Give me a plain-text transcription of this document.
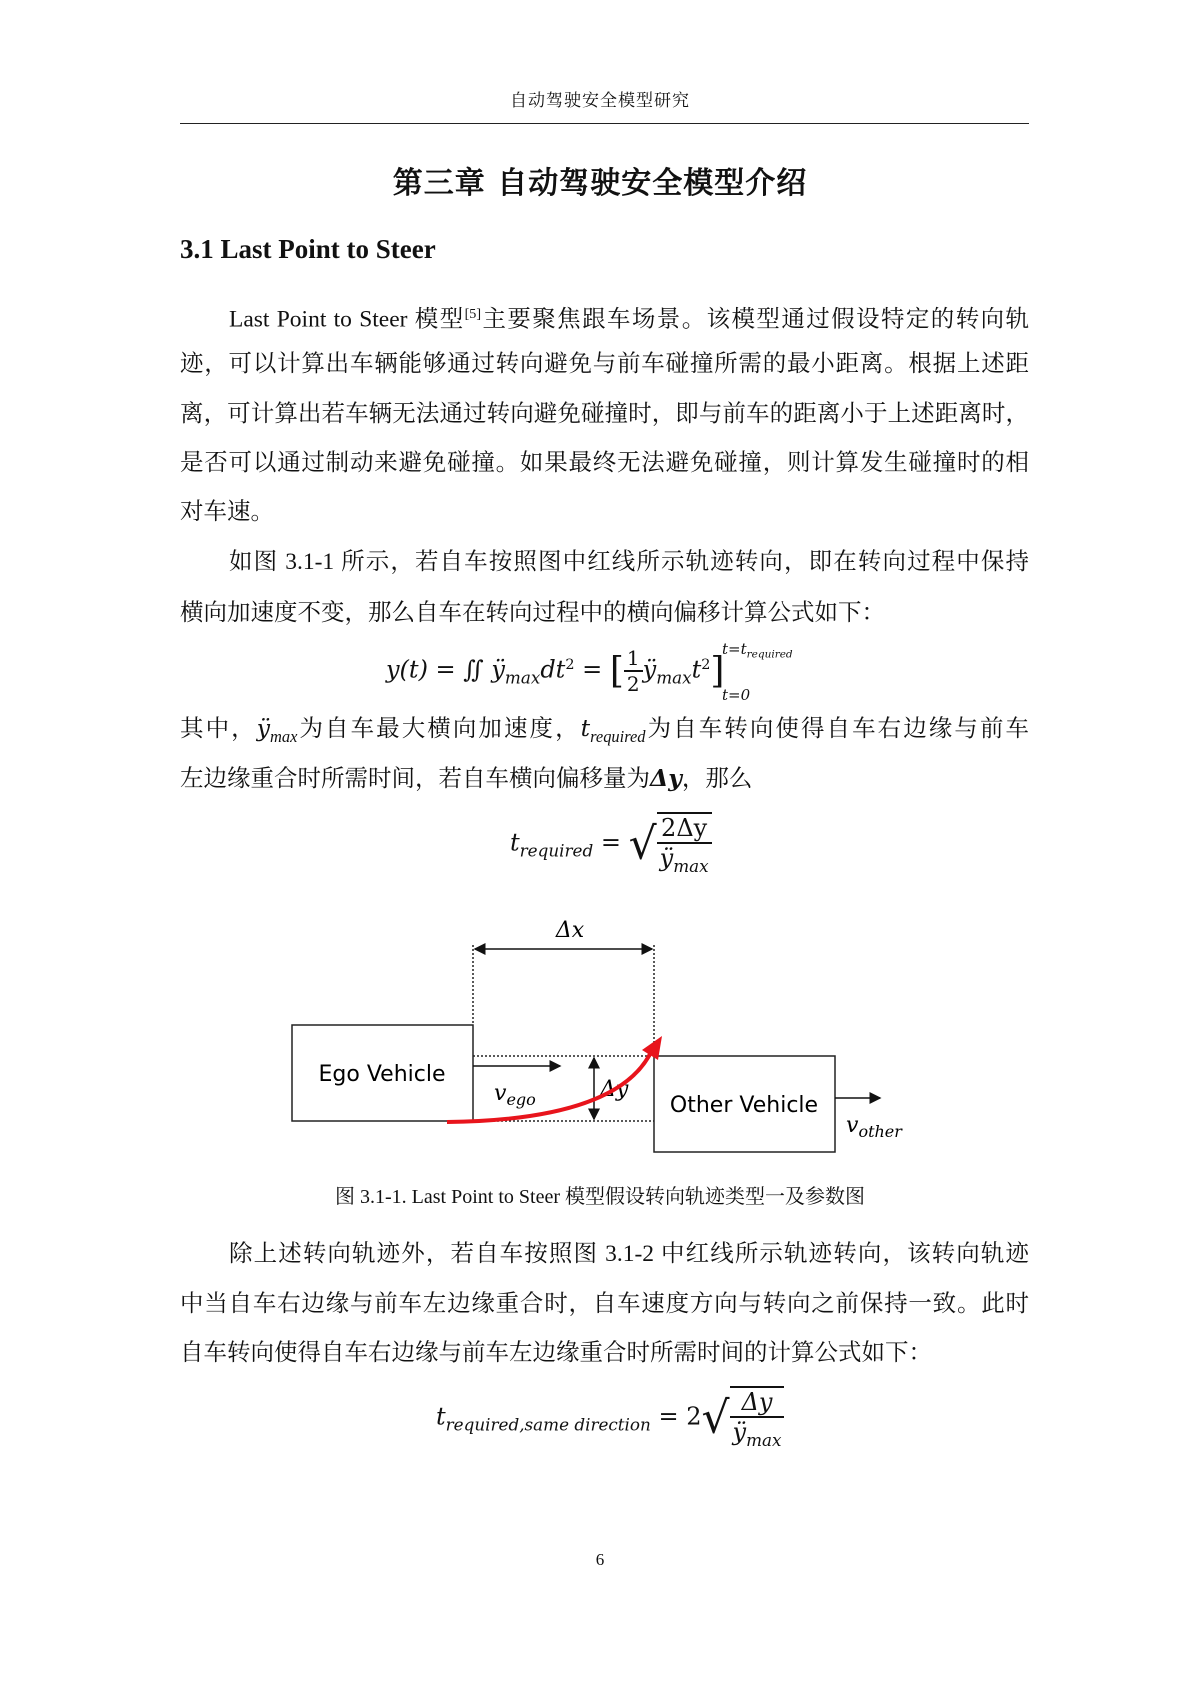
自动驾驶安全模型研究
第三章 自动驾驶安全模型介绍
3.1 Last Point to Steer
Last Point to Steer 模型[5]主要聚焦跟车场景。该模型通过假设特定的转向轨
迹，可以计算出车辆能够通过转向避免与前车碰撞所需的最小距离。根据上述距
离，可计算出若车辆无法通过转向避免碰撞时，即与前车的距离小于上述距离时，
是否可以通过制动来避免碰撞。如果最终无法避免碰撞，则计算发生碰撞时的相
对车速。
如图 3.1-1 所示，若自车按照图中红线所示轨迹转向，即在转向过程中保持
横向加速度不变，那么自车在转向过程中的横向偏移计算公式如下：
y(t) = ∬ $ÿ_{max}dt^2$ = [ $\frac{1}{2}$ $ÿ_{max}t^2$]
$t=t_{required}$
t=0
其中，$ÿ_{max}$为自车最大横向加速度，$t_{required}$为自车转向使得自车右边缘与前车
左边缘重合时所需时间，若自车横向偏移量为Δy，那么
$t_{required}$ = √ $\frac{2\Delta y}{ÿ_{max}}$
Δx
Ego Vehicle
Other Vehicle
$v_{ego}$
$v_{other}$
Δy
图 3.1-1. Last Point to Steer 模型假设转向轨迹类型一及参数图
除上述转向轨迹外，若自车按照图 3.1-2 中红线所示轨迹转向，该转向轨迹
中当自车右边缘与前车左边缘重合时，自车速度方向与转向之前保持一致。此时
自车转向使得自车右边缘与前车左边缘重合时所需时间的计算公式如下：
$t_{required,same direction} = 2√ \frac{\Delta y}{ÿ_{max}}$
6
